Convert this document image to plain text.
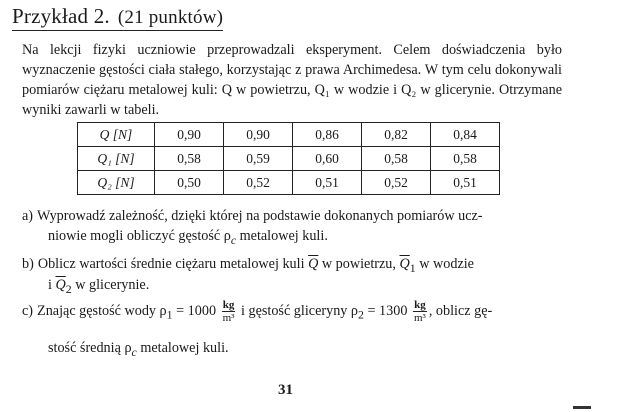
Przykład 2. (21 punktów)

Na lekcji fizyki uczniowie przeprowadzali eksperyment. Celem doświadczenia było wyznaczenie gęstości ciała stałego, korzystając z prawa Archimedesa. W tym celu dokonywali pomiarów ciężaru metalowej kuli: Q w powietrzu, Q₁ w wodzie i Q₂ w glicerynie. Otrzymane wyniki zawarli w tabeli.

Q [N]	0,90	0,90	0,86	0,82	0,84
Q₁ [N]	0,58	0,59	0,60	0,58	0,58
Q₂ [N]	0,50	0,52	0,51	0,52	0,51
a) Wyprowadź zależność, dzięki której na podstawie dokonanych pomiarów ucz-
niowie mogli obliczyć gęstość $\rho_c$ metalowej kuli.
b) Oblicz wartości średnie ciężaru metalowej kuli $\overline{Q}$ w powietrzu, $\overline{Q}_1$ w wodzie
i $\overline{Q}_2$ w glicerynie.
c) Znając gęstość wody $\rho_1 = 1000 \frac{kg}{\text{m³}}$ i gęstość gliceryny $\rho_2 = 1300 \frac{kg}{\text{m³}}$ , oblicz gę-
stość średnią $\rho_c$ metalowej kuli.
31
